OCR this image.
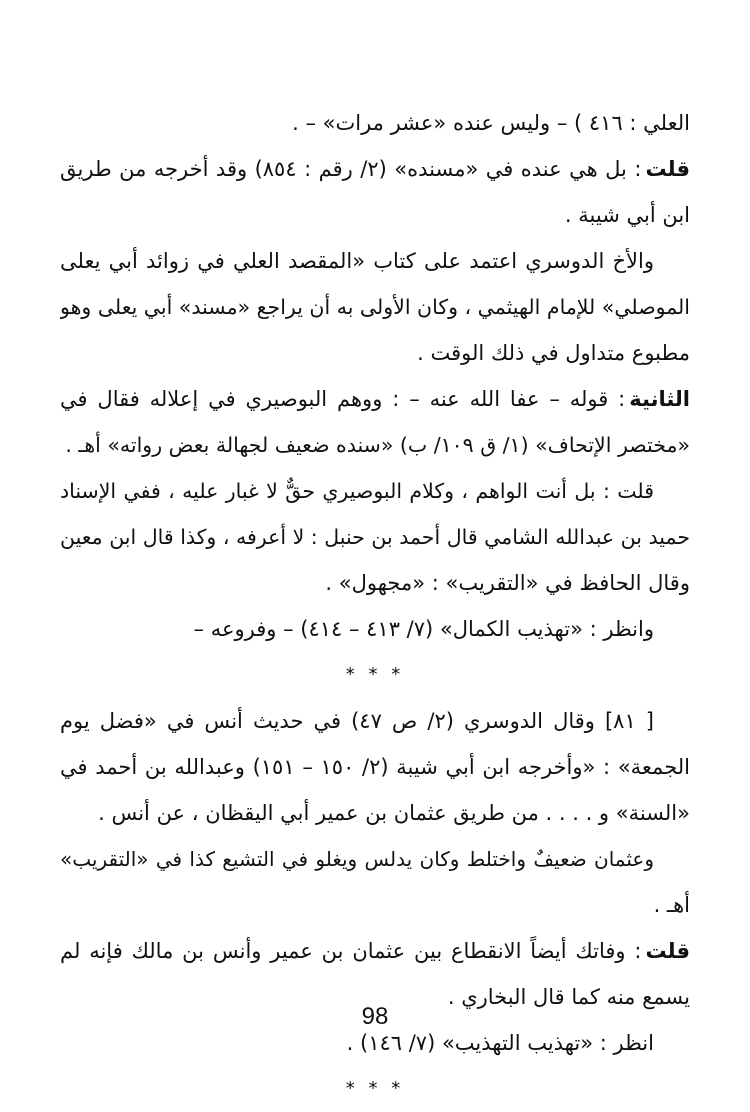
العلي : ٤١٦ ) – وليس عنده «عشر مرات» – .
قلت: بل هي عنده في «مسنده» (٢/ رقم : ٨٥٤) وقد أخرجه من طريق
ابن أبي شيبة .
والأخ الدوسري اعتمد على كتاب «المقصد العلي في زوائد أبي يعلى
الموصلي» للإمام الهيثمي ، وكان الأولى به أن يراجع «مسند» أبي يعلى وهو
مطبوع متداول في ذلك الوقت .
الثانية: قوله – عفا الله عنه – : ووهم البوصيري في إعلاله فقال في
«مختصر الإتحاف» (١/ ق ١٠٩/ ب) «سنده ضعيف لجهالة بعض رواته» أهـ .
قلت : بل أنت الواهم ، وكلام البوصيري حقٌّ لا غبار عليه ، ففي الإسناد
حميد بن عبدالله الشامي قال أحمد بن حنبل : لا أعرفه ، وكذا قال ابن معين
وقال الحافظ في «التقريب» : «مجهول» .
وانظر : «تهذيب الكمال» (٧/ ٤١٣ – ٤١٤) – وفروعه –
* * *
[ ٨١] وقال الدوسري (٢/ ص ٤٧) في حديث أنس في «فضل يوم
الجمعة» : «وأخرجه ابن أبي شيبة (٢/ ١٥٠ – ١٥١) وعبدالله بن أحمد في
«السنة» و . . . . من طريق عثمان بن عمير أبي اليقظان ، عن أنس .
وعثمان ضعيفٌ واختلط وكان يدلس ويغلو في التشيع كذا في «التقريب»
أهـ .
قلت: وفاتك أيضاً الانقطاع بين عثمان بن عمير وأنس بن مالك فإنه لم
يسمع منه كما قال البخاري .
انظر : «تهذيب التهذيب» (٧/ ١٤٦) .
* * *
98
